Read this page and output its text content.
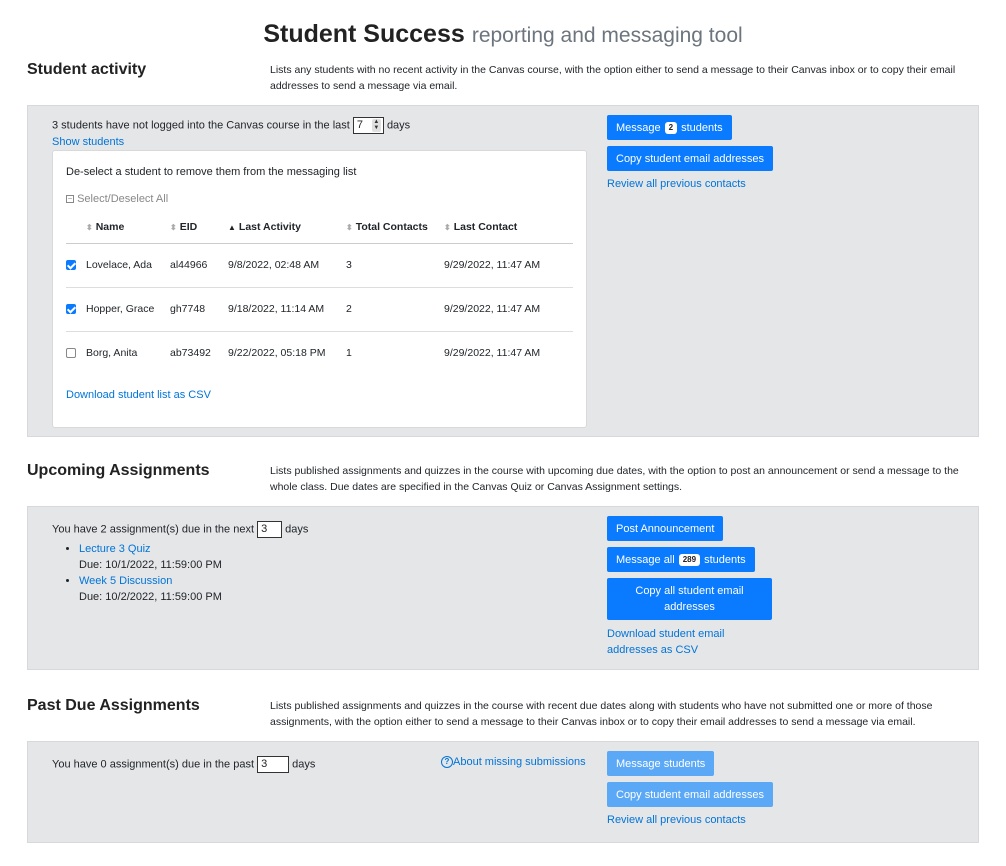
Student Success reporting and messaging tool
Student activity	Lists any students with no recent activity in the Canvas course, with the option either to send a message to their Canvas inbox or to copy their email addresses to send a message via email.
3 students have not logged into the Canvas course in the last 7 ▲
▼ days
Show students
De-select a student to remove them from the messaging list
− Select/Deselect All
	⬍ Name	⬍ EID	▲ Last Activity	⬍ Total Contacts	⬍ Last Contact
	Lovelace, Ada	al44966	9/8/2022, 02:48 AM	3	9/29/2022, 11:47 AM
	Hopper, Grace	gh7748	9/18/2022, 11:14 AM	2	9/29/2022, 11:47 AM
	Borg, Anita	ab73492	9/22/2022, 05:18 PM	1	9/29/2022, 11:47 AM
Download student list as CSV
Message	2 students
Copy student email addresses
Review all previous contacts
Upcoming Assignments	Lists published assignments and quizzes in the course with upcoming due dates, with the option to post an announcement or send a message to the whole class. Due dates are specified in the Canvas Quiz or Canvas Assignment settings.
You have 2 assignment(s) due in the next 3 days
• Lecture 3 Quiz
Due: 10/1/2022, 11:59:00 PM
• Week 5 Discussion
Due: 10/2/2022, 11:59:00 PM
Post Announcement
Message all	289 students
Copy all student email addresses
Download student email addresses as CSV
Past Due Assignments	Lists published assignments and quizzes in the course with recent due dates along with students who have not submitted one or more of those assignments, with the option either to send a message to their Canvas inbox or to copy their email addresses to send a message via email.
You have 0 assignment(s) due in the past 3 days	? About missing submissions	Message students
Copy student email addresses
Review all previous contacts
